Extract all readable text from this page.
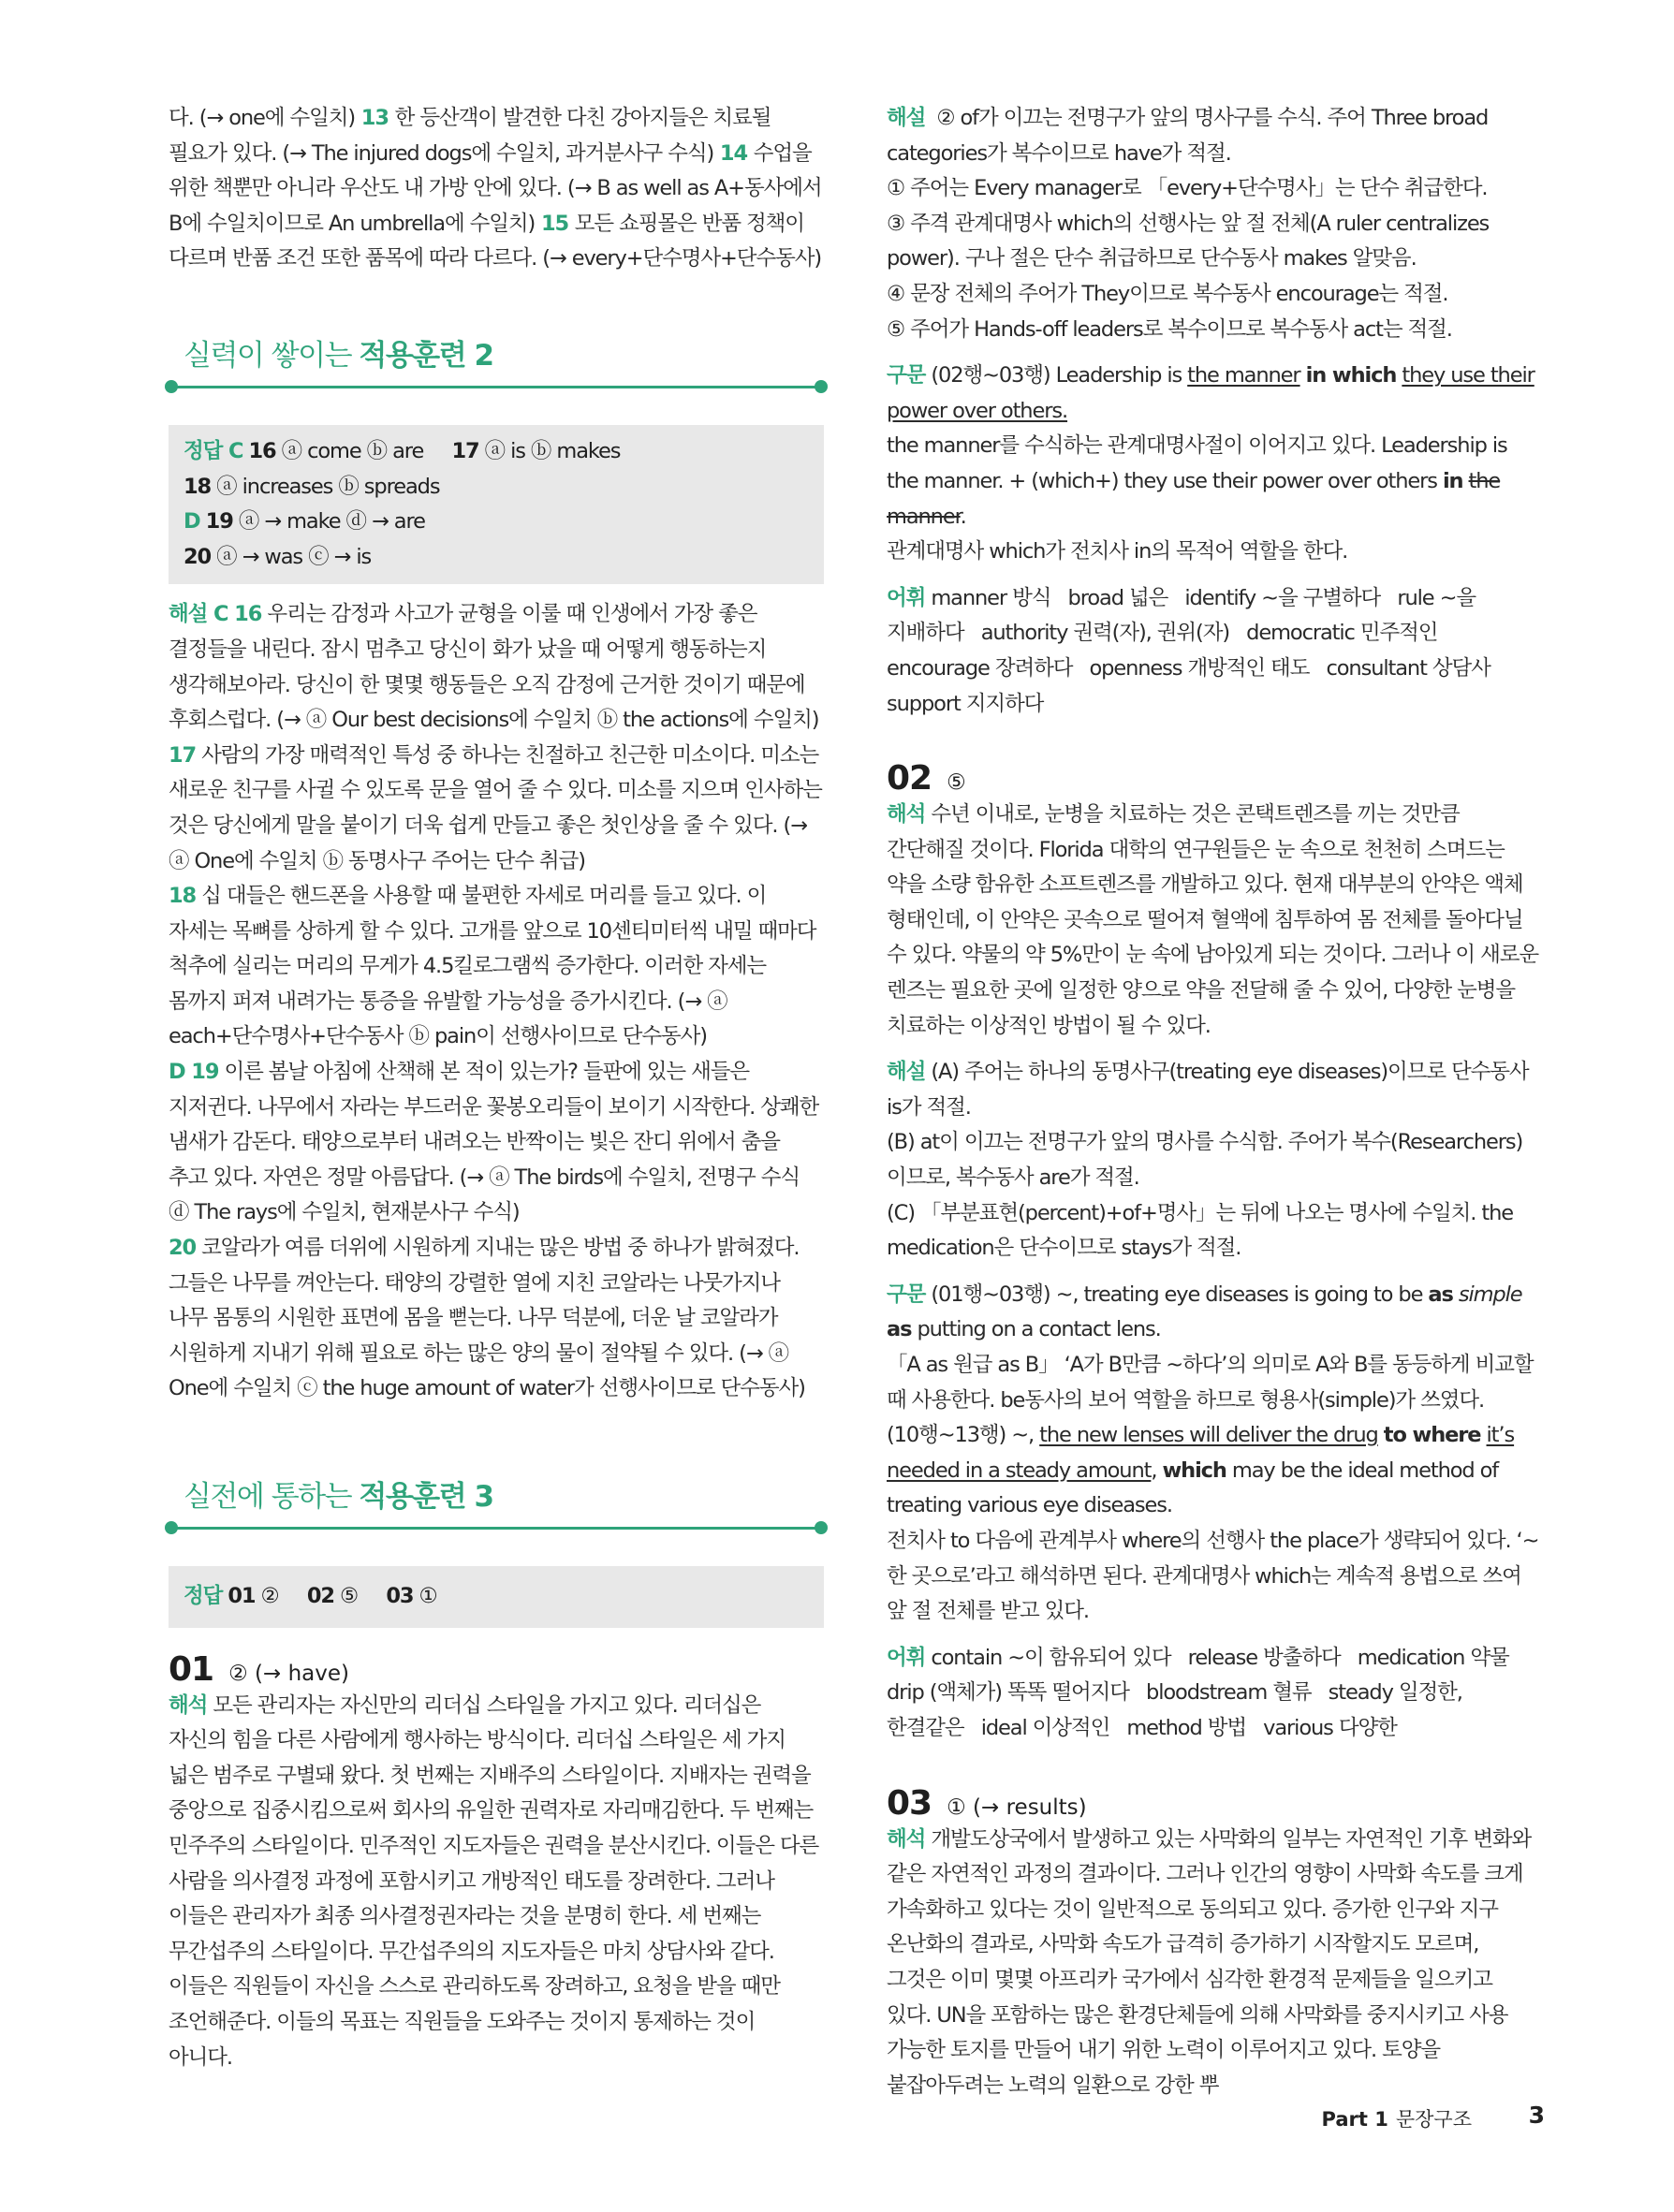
다. (→ one에 수일치) 13 한 등산객이 발견한 다친 강아지들은 치료될 필요가 있다. (→ The injured dogs에 수일치, 과거분사구 수식) 14 수업을 위한 책뿐만 아니라 우산도 내 가방 안에 있다. (→ B as well as A+동사에서 B에 수일치이므로 An umbrella에 수일치) 15 모든 쇼핑몰은 반품 정책이 다르며 반품 조건 또한 품목에 따라 다르다. (→ every+단수명사+단수동사)

실력이 쌓이는 적용훈련 2

정답 C 16 ⓐ come ⓑ are     17 ⓐ is ⓑ makes

18 ⓐ increases ⓑ spreads

D 19 ⓐ → make ⓓ → are

20 ⓐ → was ⓒ → is

해설 C 16 우리는 감정과 사고가 균형을 이룰 때 인생에서 가장 좋은 결정들을 내린다. 잠시 멈추고 당신이 화가 났을 때 어떻게 행동하는지 생각해보아라. 당신이 한 몇몇 행동들은 오직 감정에 근거한 것이기 때문에 후회스럽다. (→ ⓐ Our best decisions에 수일치 ⓑ the actions에 수일치)

17 사람의 가장 매력적인 특성 중 하나는 친절하고 친근한 미소이다. 미소는 새로운 친구를 사귈 수 있도록 문을 열어 줄 수 있다. 미소를 지으며 인사하는 것은 당신에게 말을 붙이기 더욱 쉽게 만들고 좋은 첫인상을 줄 수 있다. (→ ⓐ One에 수일치 ⓑ 동명사구 주어는 단수 취급)

18 십 대들은 핸드폰을 사용할 때 불편한 자세로 머리를 들고 있다. 이 자세는 목뼈를 상하게 할 수 있다. 고개를 앞으로 10센티미터씩 내밀 때마다 척추에 실리는 머리의 무게가 4.5킬로그램씩 증가한다. 이러한 자세는 몸까지 퍼져 내려가는 통증을 유발할 가능성을 증가시킨다. (→ ⓐ each+단수명사+단수동사 ⓑ pain이 선행사이므로 단수동사)

D 19 이른 봄날 아침에 산책해 본 적이 있는가? 들판에 있는 새들은 지저귄다. 나무에서 자라는 부드러운 꽃봉오리들이 보이기 시작한다. 상쾌한 냄새가 감돈다. 태양으로부터 내려오는 반짝이는 빛은 잔디 위에서 춤을 추고 있다. 자연은 정말 아름답다. (→ ⓐ The birds에 수일치, 전명구 수식 ⓓ The rays에 수일치, 현재분사구 수식)

20 코알라가 여름 더위에 시원하게 지내는 많은 방법 중 하나가 밝혀졌다. 그들은 나무를 껴안는다. 태양의 강렬한 열에 지친 코알라는 나뭇가지나 나무 몸통의 시원한 표면에 몸을 뻗는다. 나무 덕분에, 더운 날 코알라가 시원하게 지내기 위해 필요로 하는 많은 양의 물이 절약될 수 있다. (→ ⓐ One에 수일치 ⓒ the huge amount of water가 선행사이므로 단수동사)

실전에 통하는 적용훈련 3

정답 01 ②     02 ⑤     03 ①

01 ② (→ have)

해석 모든 관리자는 자신만의 리더십 스타일을 가지고 있다. 리더십은 자신의 힘을 다른 사람에게 행사하는 방식이다. 리더십 스타일은 세 가지 넓은 범주로 구별돼 왔다. 첫 번째는 지배주의 스타일이다. 지배자는 권력을 중앙으로 집중시킴으로써 회사의 유일한 권력자로 자리매김한다. 두 번째는 민주주의 스타일이다. 민주적인 지도자들은 권력을 분산시킨다. 이들은 다른 사람을 의사결정 과정에 포함시키고 개방적인 태도를 장려한다. 그러나 이들은 관리자가 최종 의사결정권자라는 것을 분명히 한다. 세 번째는 무간섭주의 스타일이다. 무간섭주의의 지도자들은 마치 상담사와 같다. 이들은 직원들이 자신을 스스로 관리하도록 장려하고, 요청을 받을 때만 조언해준다. 이들의 목표는 직원들을 도와주는 것이지 통제하는 것이 아니다.

해설  ② of가 이끄는 전명구가 앞의 명사구를 수식. 주어 Three broad categories가 복수이므로 have가 적절.

① 주어는 Every manager로 「every+단수명사」는 단수 취급한다.

③ 주격 관계대명사 which의 선행사는 앞 절 전체(A ruler centralizes power). 구나 절은 단수 취급하므로 단수동사 makes 알맞음.

④ 문장 전체의 주어가 They이므로 복수동사 encourage는 적절.

⑤ 주어가 Hands-off leaders로 복수이므로 복수동사 act는 적절.

구문 (02행~03행) Leadership is the manner in which they use their power over others.

the manner를 수식하는 관계대명사절이 이어지고 있다. Leadership is the manner. + (which+) they use their power over others in the manner.

관계대명사 which가 전치사 in의 목적어 역할을 한다.

어휘 manner 방식   broad 넓은   identify ~을 구별하다   rule ~을 지배하다   authority 권력(자), 권위(자)   democratic 민주적인   encourage 장려하다   openness 개방적인 태도   consultant 상담사   support 지지하다

02 ⑤

해석 수년 이내로, 눈병을 치료하는 것은 콘택트렌즈를 끼는 것만큼 간단해질 것이다. Florida 대학의 연구원들은 눈 속으로 천천히 스며드는 약을 소량 함유한 소프트렌즈를 개발하고 있다. 현재 대부분의 안약은 액체 형태인데, 이 안약은 곳속으로 떨어져 혈액에 침투하여 몸 전체를 돌아다닐 수 있다. 약물의 약 5%만이 눈 속에 남아있게 되는 것이다. 그러나 이 새로운 렌즈는 필요한 곳에 일정한 양으로 약을 전달해 줄 수 있어, 다양한 눈병을 치료하는 이상적인 방법이 될 수 있다.

해설 (A) 주어는 하나의 동명사구(treating eye diseases)이므로 단수동사 is가 적절.

(B) at이 이끄는 전명구가 앞의 명사를 수식함. 주어가 복수(Researchers)이므로, 복수동사 are가 적절.

(C) 「부분표현(percent)+of+명사」는 뒤에 나오는 명사에 수일치. the medication은 단수이므로 stays가 적절.

구문 (01행~03행) ~, treating eye diseases is going to be as simple as putting on a contact lens.

「A as 원급 as B」 ‘A가 B만큼 ~하다’의 의미로 A와 B를 동등하게 비교할 때 사용한다. be동사의 보어 역할을 하므로 형용사(simple)가 쓰였다.

(10행~13행) ~, the new lenses will deliver the drug to where it’s needed in a steady amount, which may be the ideal method of treating various eye diseases.

전치사 to 다음에 관계부사 where의 선행사 the place가 생략되어 있다. ‘~한 곳으로’라고 해석하면 된다. 관계대명사 which는 계속적 용법으로 쓰여 앞 절 전체를 받고 있다.

어휘 contain ~이 함유되어 있다   release 방출하다   medication 약물   drip (액체가) 똑똑 떨어지다   bloodstream 혈류   steady 일정한, 한결같은   ideal 이상적인   method 방법   various 다양한

03 ① (→ results)

해석 개발도상국에서 발생하고 있는 사막화의 일부는 자연적인 기후 변화와 같은 자연적인 과정의 결과이다. 그러나 인간의 영향이 사막화 속도를 크게 가속화하고 있다는 것이 일반적으로 동의되고 있다. 증가한 인구와 지구 온난화의 결과로, 사막화 속도가 급격히 증가하기 시작할지도 모르며, 그것은 이미 몇몇 아프리카 국가에서 심각한 환경적 문제들을 일으키고 있다. UN을 포함하는 많은 환경단체들에 의해 사막화를 중지시키고 사용 가능한 토지를 만들어 내기 위한 노력이 이루어지고 있다. 토양을 붙잡아두려는 노력의 일환으로 강한 뿌

Part 1 문장구조 3
